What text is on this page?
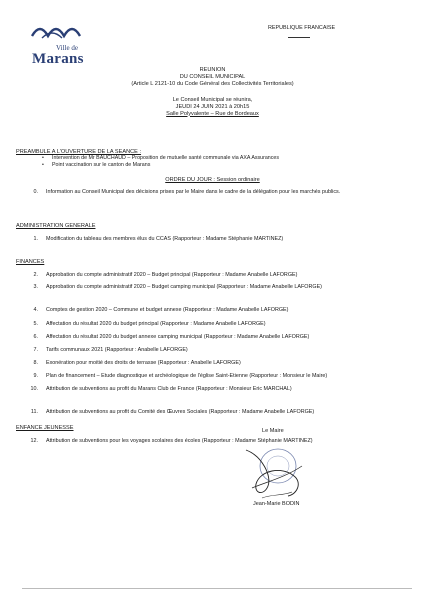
Ville de
Marans
REPUBLIQUE FRANCAISE
REUNION
DU CONSEIL MUNICIPAL
(Article L 2121-10 du Code Général des Collectivités Territoriales)
Le Conseil Municipal se réunira,
JEUDI 24 JUIN 2021 à 20h15
Salle Polyvalente – Rue de Bordeaux
PREAMBULE A L'OUVERTURE DE LA SEANCE :
• Intervention de Mr BAUCHAUD – Proposition de mutuelle santé communale via AXA Assurances
• Point vaccination sur le canton de Marans
ORDRE DU JOUR : Session ordinaire
0. Information au Conseil Municipal des décisions prises par le Maire dans le cadre de la délégation pour les marchés publics.
ADMINISTRATION GENERALE
1. Modification du tableau des membres élus du CCAS (Rapporteur : Madame Stéphanie MARTINEZ)
FINANCES
2. Approbation du compte administratif 2020 – Budget principal (Rapporteur : Madame Anabelle LAFORGE)
3. Approbation du compte administratif 2020 – Budget camping municipal (Rapporteur : Madame Anabelle LAFORGE)
4. Comptes de gestion 2020 – Commune et budget annexe (Rapporteur : Madame Anabelle LAFORGE)
5. Affectation du résultat 2020 du budget principal (Rapporteur : Madame Anabelle LAFORGE)
6. Affectation du résultat 2020 du budget annexe camping municipal (Rapporteur : Madame Anabelle LAFORGE)
7. Tarifs communaux 2021 (Rapporteur : Anabelle LAFORGE)
8. Exonération pour moitié des droits de terrasse (Rapporteur : Anabelle LAFORGE)
9. Plan de financement – Etude diagnostique et archéologique de l'église Saint-Etienne (Rapporteur : Monsieur le Maire)
10. Attribution de subventions au profit du Marans Club de France (Rapporteur : Monsieur Eric MARCHAL)
11. Attribution de subventions au profit du Comité des Œuvres Sociales (Rapporteur : Madame Anabelle LAFORGE)
Le Maire
Jean-Marie BODIN
ENFANCE JEUNESSE
12. Attribution de subventions pour les voyages scolaires des écoles (Rapporteur : Madame Stéphanie MARTINEZ)
